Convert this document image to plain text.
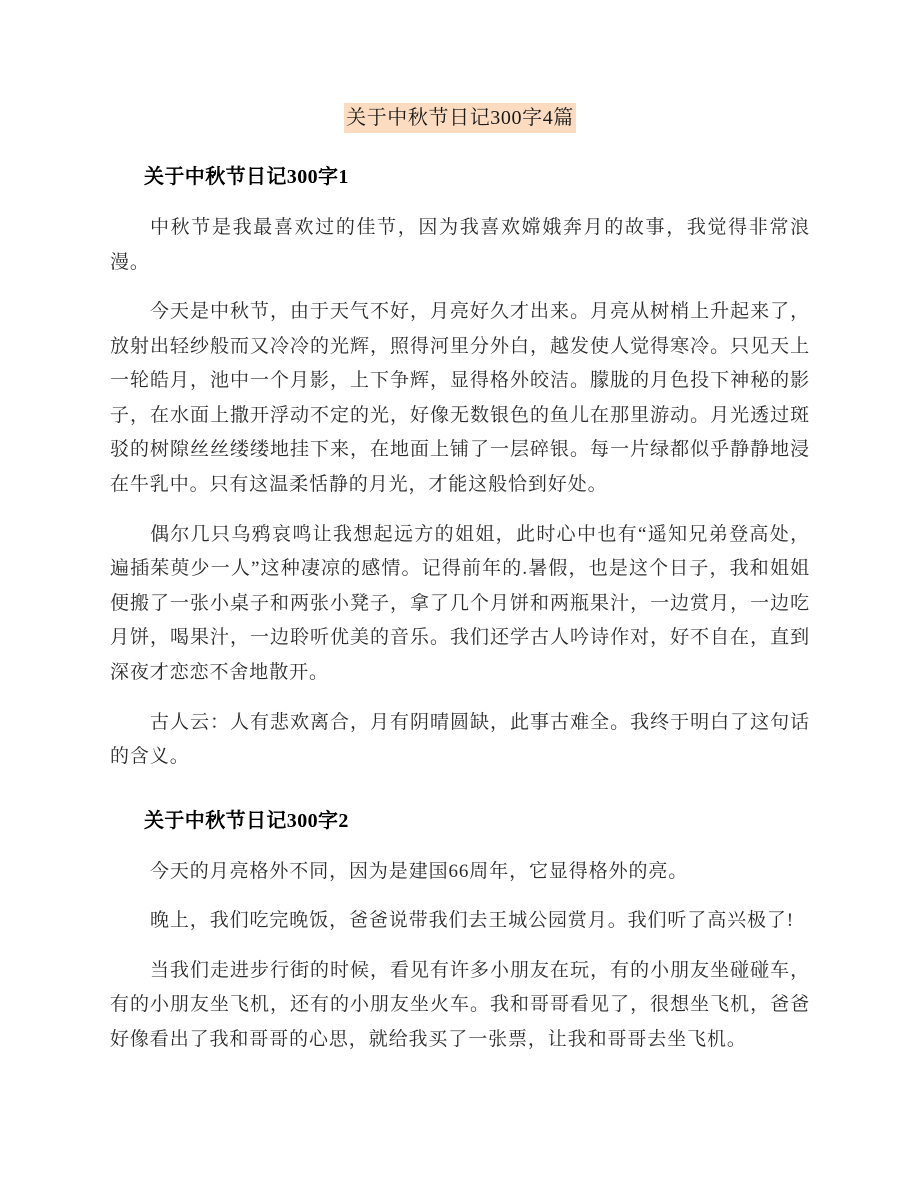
关于中秋节日记300字4篇
关于中秋节日记300字1

中秋节是我最喜欢过的佳节，因为我喜欢嫦娥奔月的故事，我觉得非常浪漫。

今天是中秋节，由于天气不好，月亮好久才出来。月亮从树梢上升起来了，放射出轻纱般而又冷冷的光辉，照得河里分外白，越发使人觉得寒冷。只见天上一轮皓月，池中一个月影，上下争辉，显得格外皎洁。朦胧的月色投下神秘的影子，在水面上撒开浮动不定的光，好像无数银色的鱼儿在那里游动。月光透过斑驳的树隙丝丝缕缕地挂下来，在地面上铺了一层碎银。每一片绿都似乎静静地浸在牛乳中。只有这温柔恬静的月光，才能这般恰到好处。

偶尔几只乌鸦哀鸣让我想起远方的姐姐，此时心中也有“遥知兄弟登高处，遍插茱萸少一人”这种凄凉的感情。记得前年的.暑假，也是这个日子，我和姐姐便搬了一张小桌子和两张小凳子，拿了几个月饼和两瓶果汁，一边赏月，一边吃月饼，喝果汁，一边聆听优美的音乐。我们还学古人吟诗作对，好不自在，直到深夜才恋恋不舍地散开。

古人云：人有悲欢离合，月有阴晴圆缺，此事古难全。我终于明白了这句话的含义。

关于中秋节日记300字2

今天的月亮格外不同，因为是建国66周年，它显得格外的亮。

晚上，我们吃完晚饭，爸爸说带我们去王城公园赏月。我们听了高兴极了!

当我们走进步行街的时候，看见有许多小朋友在玩，有的小朋友坐碰碰车，有的小朋友坐飞机，还有的小朋友坐火车。我和哥哥看见了，很想坐飞机，爸爸好像看出了我和哥哥的心思，就给我买了一张票，让我和哥哥去坐飞机。
